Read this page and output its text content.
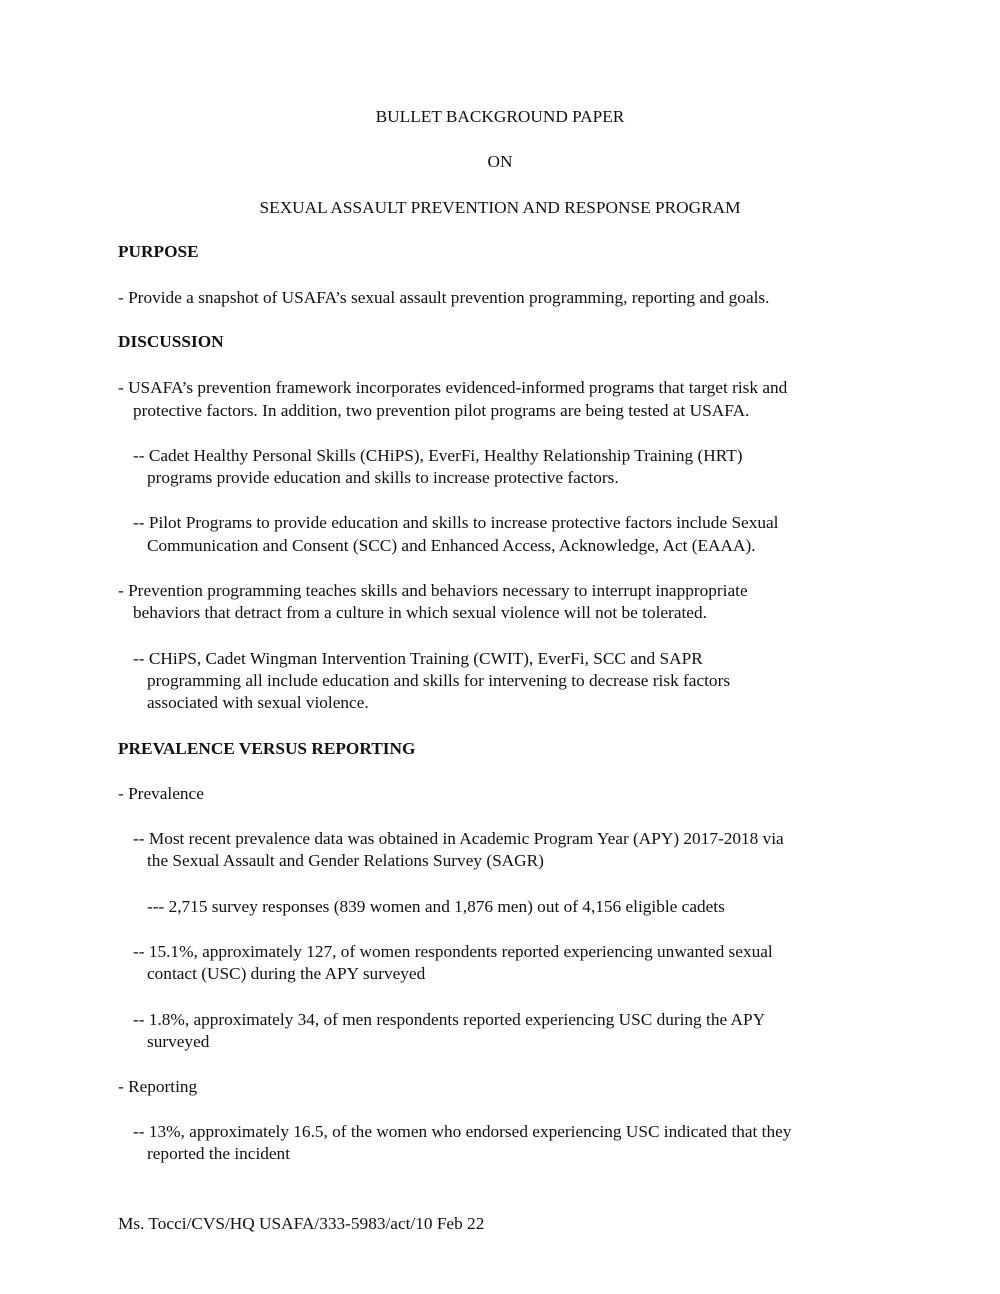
BULLET BACKGROUND PAPER
ON
SEXUAL ASSAULT PREVENTION AND RESPONSE PROGRAM
PURPOSE
- Provide a snapshot of USAFA’s sexual assault prevention programming, reporting and goals.
DISCUSSION
- USAFA’s prevention framework incorporates evidenced-informed programs that target risk and
protective factors. In addition, two prevention pilot programs are being tested at USAFA.
-- Cadet Healthy Personal Skills (CHiPS), EverFi, Healthy Relationship Training (HRT)
programs provide education and skills to increase protective factors.
-- Pilot Programs to provide education and skills to increase protective factors include Sexual
Communication and Consent (SCC) and Enhanced Access, Acknowledge, Act (EAAA).
- Prevention programming teaches skills and behaviors necessary to interrupt inappropriate
behaviors that detract from a culture in which sexual violence will not be tolerated.
-- CHiPS, Cadet Wingman Intervention Training (CWIT), EverFi, SCC and SAPR
programming all include education and skills for intervening to decrease risk factors
associated with sexual violence.
PREVALENCE VERSUS REPORTING
- Prevalence
-- Most recent prevalence data was obtained in Academic Program Year (APY) 2017-2018 via
the Sexual Assault and Gender Relations Survey (SAGR)
--- 2,715 survey responses (839 women and 1,876 men) out of 4,156 eligible cadets
-- 15.1%, approximately 127, of women respondents reported experiencing unwanted sexual
contact (USC) during the APY surveyed
-- 1.8%, approximately 34, of men respondents reported experiencing USC during the APY
surveyed
- Reporting
-- 13%, approximately 16.5, of the women who endorsed experiencing USC indicated that they
reported the incident
Ms. Tocci/CVS/HQ USAFA/333-5983/act/10 Feb 22
